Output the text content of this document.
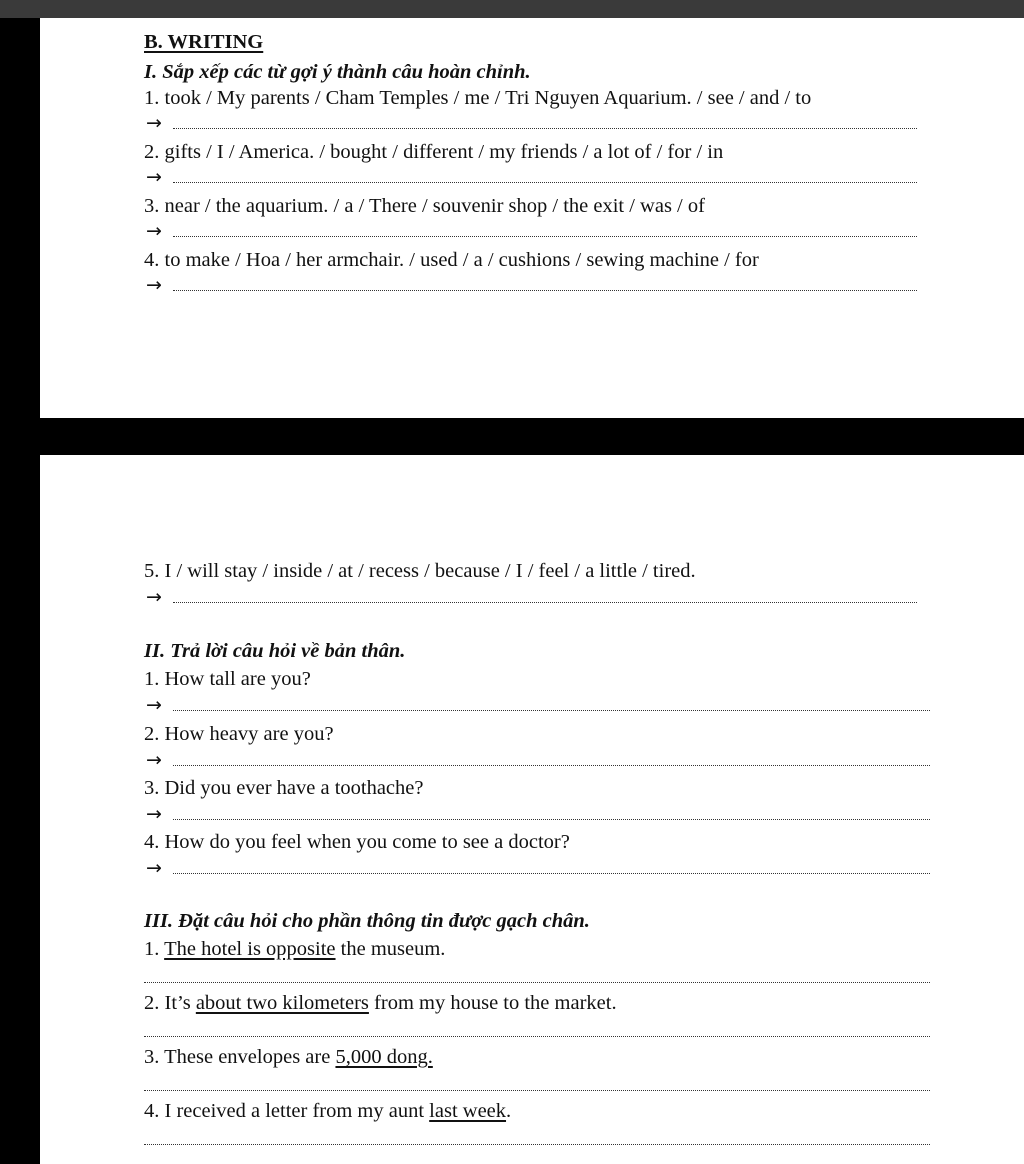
B. WRITING
I. Sắp xếp các từ gợi ý thành câu hoàn chỉnh.
1. took / My parents / Cham Temples / me / Tri Nguyen Aquarium. / see / and / to
→
2. gifts / I / America. / bought / different / my friends / a lot of / for / in
→
3. near / the aquarium. / a / There / souvenir shop / the exit / was / of
→
4. to make / Hoa / her armchair. / used / a / cushions / sewing machine / for
→
5. I / will stay / inside / at / recess / because / I / feel / a little / tired.
→
II. Trả lời câu hỏi về bản thân.
1. How tall are you?
→
2. How heavy are you?
→
3. Did you ever have a toothache?
→
4. How do you feel when you come to see a doctor?
→
III. Đặt câu hỏi cho phần thông tin được gạch chân.
1. The hotel is opposite the museum.
2. It’s about two kilometers from my house to the market.
3. These envelopes are 5,000 dong.
4. I received a letter from my aunt last week.
